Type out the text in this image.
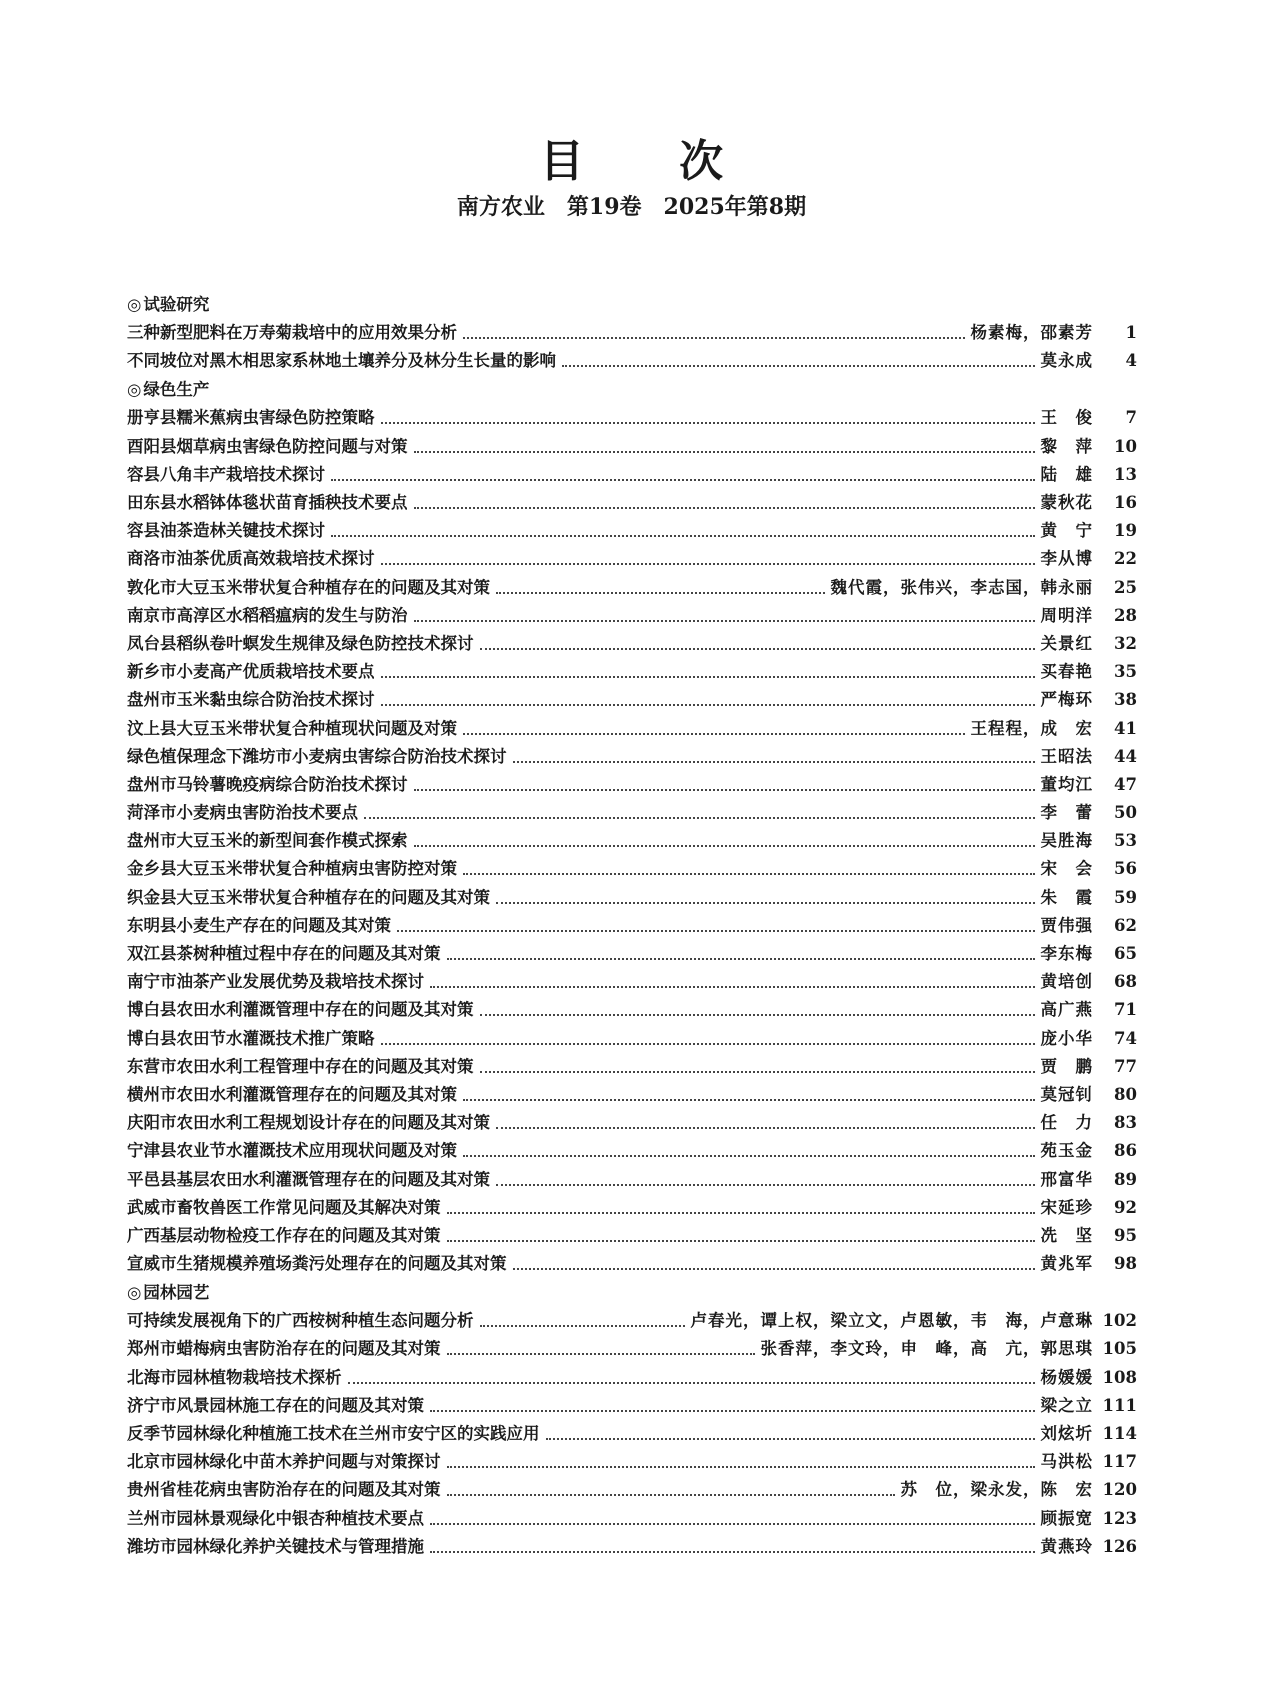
目 次
南方农业　第19卷　2025年第8期
◎ 试验研究
三种新型肥料在万寿菊栽培中的应用效果分析	杨素梅，邵素芳	1
不同坡位对黑木相思家系林地土壤养分及林分生长量的影响	莫永成	4
◎ 绿色生产
册亨县糯米蕉病虫害绿色防控策略	王　俊	7
酉阳县烟草病虫害绿色防控问题与对策	黎　萍	10
容县八角丰产栽培技术探讨	陆　雄	13
田东县水稻钵体毯状苗育插秧技术要点	蒙秋花	16
容县油茶造林关键技术探讨	黄　宁	19
商洛市油茶优质高效栽培技术探讨	李从博	22
敦化市大豆玉米带状复合种植存在的问题及其对策	魏代霞，张伟兴，李志国，韩永丽	25
南京市高淳区水稻稻瘟病的发生与防治	周明洋	28
凤台县稻纵卷叶螟发生规律及绿色防控技术探讨	关景红	32
新乡市小麦高产优质栽培技术要点	买春艳	35
盘州市玉米黏虫综合防治技术探讨	严梅环	38
汶上县大豆玉米带状复合种植现状问题及对策	王程程，成　宏	41
绿色植保理念下潍坊市小麦病虫害综合防治技术探讨	王昭法	44
盘州市马铃薯晚疫病综合防治技术探讨	董均江	47
菏泽市小麦病虫害防治技术要点	李　蕾	50
盘州市大豆玉米的新型间套作模式探索	吴胜海	53
金乡县大豆玉米带状复合种植病虫害防控对策	宋　会	56
织金县大豆玉米带状复合种植存在的问题及其对策	朱　霞	59
东明县小麦生产存在的问题及其对策	贾伟强	62
双江县茶树种植过程中存在的问题及其对策	李东梅	65
南宁市油茶产业发展优势及栽培技术探讨	黄培创	68
博白县农田水利灌溉管理中存在的问题及其对策	高广燕	71
博白县农田节水灌溉技术推广策略	庞小华	74
东营市农田水利工程管理中存在的问题及其对策	贾　鹏	77
横州市农田水利灌溉管理存在的问题及其对策	莫冠钊	80
庆阳市农田水利工程规划设计存在的问题及其对策	任　力	83
宁津县农业节水灌溉技术应用现状问题及对策	苑玉金	86
平邑县基层农田水利灌溉管理存在的问题及其对策	邢富华	89
武威市畜牧兽医工作常见问题及其解决对策	宋延珍	92
广西基层动物检疫工作存在的问题及其对策	冼　坚	95
宣威市生猪规模养殖场粪污处理存在的问题及其对策	黄兆军	98
◎ 园林园艺
可持续发展视角下的广西桉树种植生态问题分析	卢春光，谭上权，梁立文，卢恩敏，韦　海，卢意琳 102
郑州市蜡梅病虫害防治存在的问题及其对策	张香萍，李文玲，申　峰，高　亢，郭思琪 105
北海市园林植物栽培技术探析	杨媛媛 108
济宁市风景园林施工存在的问题及其对策	梁之立 111
反季节园林绿化种植施工技术在兰州市安宁区的实践应用	刘炫圻 114
北京市园林绿化中苗木养护问题与对策探讨	马洪松 117
贵州省桂花病虫害防治存在的问题及其对策	苏　位，梁永发，陈　宏 120
兰州市园林景观绿化中银杏种植技术要点	顾振宽 123
潍坊市园林绿化养护关键技术与管理措施	黄燕玲 126
